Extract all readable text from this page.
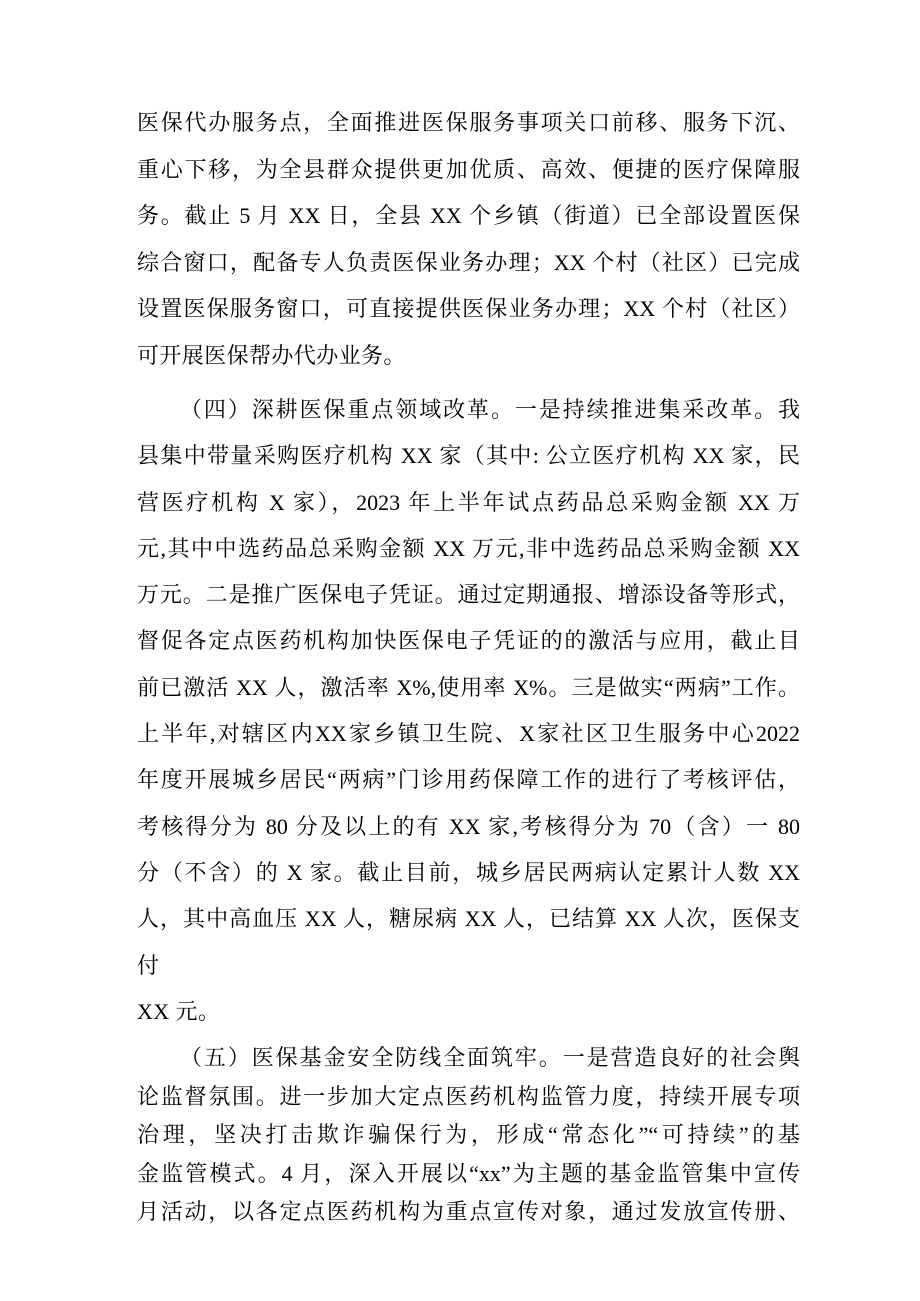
医保代办服务点，全面推进医保服务事项关口前移、服务下沉、
重心下移，为全县群众提供更加优质、高效、便捷的医疗保障服
务。截止 5 月 XX 日，全县 XX 个乡镇（街道）已全部设置医保
综合窗口，配备专人负责医保业务办理；XX 个村（社区）已完成
设置医保服务窗口，可直接提供医保业务办理；XX 个村（社区）
可开展医保帮办代办业务。
（四）深耕医保重点领域改革。一是持续推进集采改革。我
县集中带量采购医疗机构 XX 家（其中: 公立医疗机构 XX 家，民
营医疗机构 X 家），2023 年上半年试点药品总采购金额 XX 万
元,其中中选药品总采购金额 XX 万元,非中选药品总采购金额 XX
万元。二是推广医保电子凭证。通过定期通报、增添设备等形式，
督促各定点医药机构加快医保电子凭证的的激活与应用，截止目
前已激活 XX 人，激活率 X%,使用率 X%。三是做实“两病”工作。
上半年,对辖区内XX家乡镇卫生院、X家社区卫生服务中心2022
年度开展城乡居民“两病”门诊用药保障工作的进行了考核评估，
考核得分为 80 分及以上的有 XX 家,考核得分为 70（含）一 80
分（不含）的 X 家。截止目前，城乡居民两病认定累计人数 XX
人，其中高血压 XX 人，糖尿病 XX 人，已结算 XX 人次，医保支
付
XX 元。
（五）医保基金安全防线全面筑牢。一是营造良好的社会舆
论监督氛围。进一步加大定点医药机构监管力度，持续开展专项
治理，坚决打击欺诈骗保行为，形成“常态化”“可持续”的基
金监管模式。4 月，深入开展以“xx”为主题的基金监管集中宣传
月活动，以各定点医药机构为重点宣传对象，通过发放宣传册、
